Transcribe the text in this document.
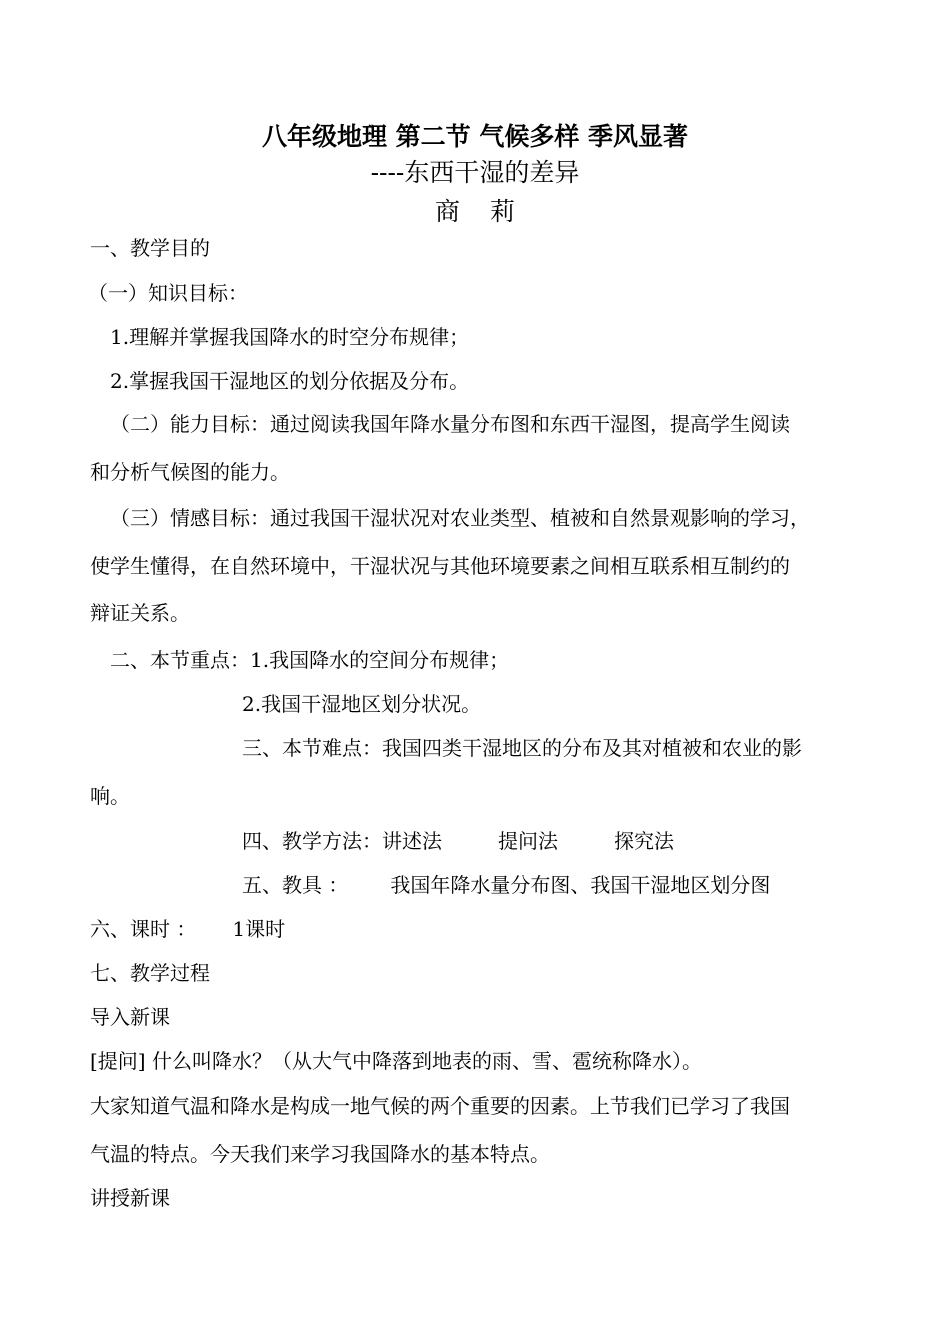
八年级地理 第二节 气候多样 季风显著
----东西干湿的差异
商莉
一、教学目的
（一）知识目标：
1.理解并掌握我国降水的时空分布规律；
2.掌握我国干湿地区的划分依据及分布。
（二）能力目标：通过阅读我国年降水量分布图和东西干湿图，提高学生阅读
和分析气候图的能力。
（三）情感目标：通过我国干湿状况对农业类型、植被和自然景观影响的学习，
使学生懂得，在自然环境中，干湿状况与其他环境要素之间相互联系相互制约的
辩证关系。
二、本节重点：1.我国降水的空间分布规律；
2.我国干湿地区划分状况。
三、本节难点：我国四类干湿地区的分布及其对植被和农业的影
响。
四、教学方法：讲述法	提问法	探究法
五、教具 ： 我国年降水量分布图、我国干湿地区划分图
六、课时 ： 1课时
七、教学过程
导入新课
[提问] 什么叫降水？（从大气中降落到地表的雨、雪、雹统称降水）。
大家知道气温和降水是构成一地气候的两个重要的因素。上节我们已学习了我国
气温的特点。今天我们来学习我国降水的基本特点。
讲授新课
